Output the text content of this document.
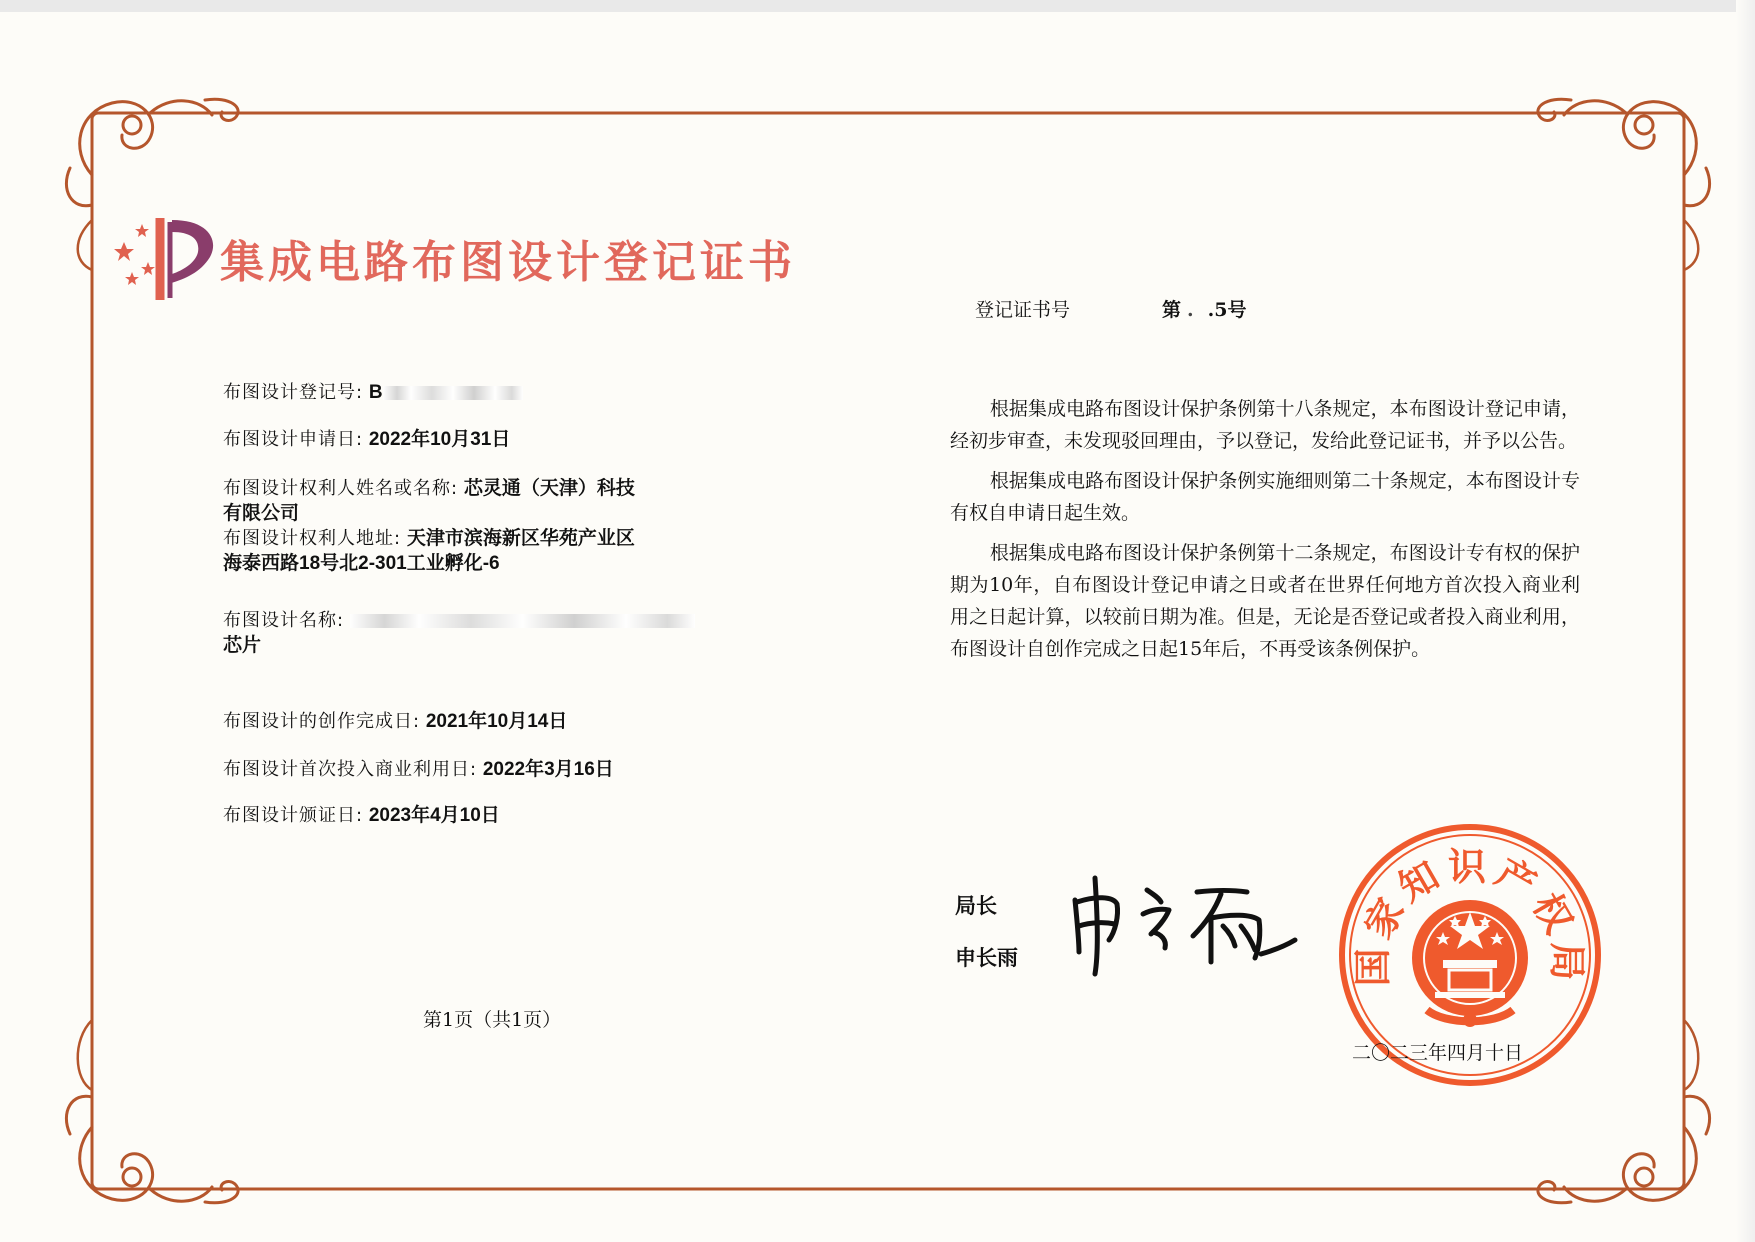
集成电路布图设计登记证书
登记证书号	第 . .5号
布图设计登记号: B
布图设计申请日: 2022年10月31日
布图设计权利人姓名或名称: 芯灵通（天津）科技
有限公司
布图设计权利人地址: 天津市滨海新区华苑产业区
海泰西路18号北2-301工业孵化-6
布图设计名称:
芯片
布图设计的创作完成日: 2021年10月14日
布图设计首次投入商业利用日: 2022年3月16日
布图设计颁证日: 2023年4月10日

根据集成电路布图设计保护条例第十八条规定，本布图设计登记申请，经初步审查，未发现驳回理由，予以登记，发给此登记证书，并予以公告。

根据集成电路布图设计保护条例实施细则第二十条规定，本布图设计专有权自申请日起生效。

根据集成电路布图设计保护条例第十二条规定，布图设计专有权的保护期为10年，自布图设计登记申请之日或者在世界任何地方首次投入商业利用之日起计算，以较前日期为准。但是，无论是否登记或者投入商业利用，布图设计自创作完成之日起15年后，不再受该条例保护。

第1页（共1页）
局长
申长雨	国家知识产权局
二〇二三年四月十日
